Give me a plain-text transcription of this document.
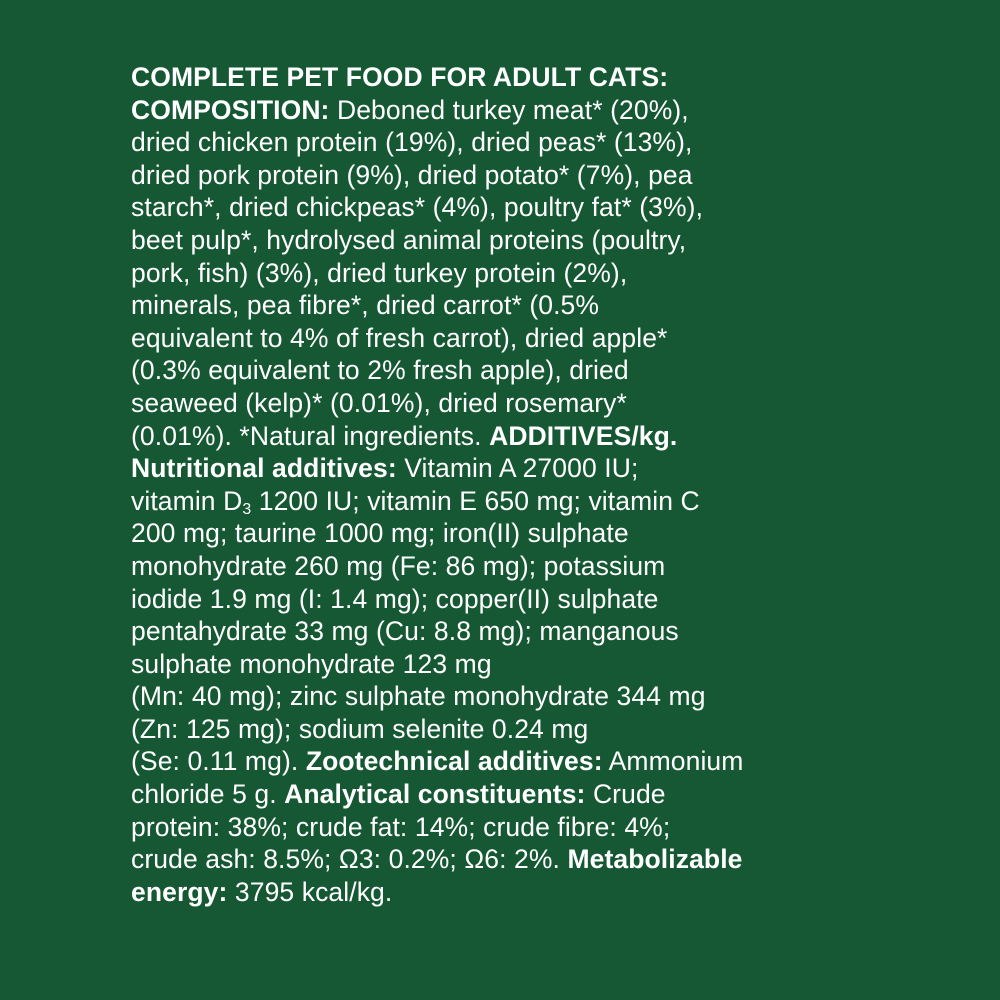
COMPLETE PET FOOD FOR ADULT CATS:
COMPOSITION: Deboned turkey meat* (20%),
dried chicken protein (19%), dried peas* (13%),
dried pork protein (9%), dried potato* (7%), pea
starch*, dried chickpeas* (4%), poultry fat* (3%),
beet pulp*, hydrolysed animal proteins (poultry,
pork, fish) (3%), dried turkey protein (2%),
minerals, pea fibre*, dried carrot* (0.5%
equivalent to 4% of fresh carrot), dried apple*
(0.3% equivalent to 2% fresh apple), dried
seaweed (kelp)* (0.01%), dried rosemary*
(0.01%). *Natural ingredients. ADDITIVES/kg.
Nutritional additives: Vitamin A 27000 IU;
vitamin $D_3$ 1200 IU; vitamin E 650 mg; vitamin C
200 mg; taurine 1000 mg; iron(II) sulphate
monohydrate 260 mg (Fe: 86 mg); potassium
iodide 1.9 mg (I: 1.4 mg); copper(II) sulphate
pentahydrate 33 mg (Cu: 8.8 mg); manganous
sulphate monohydrate 123 mg
(Mn: 40 mg); zinc sulphate monohydrate 344 mg
(Zn: 125 mg); sodium selenite 0.24 mg
(Se: 0.11 mg). Zootechnical additives: Ammonium
chloride 5 g. Analytical constituents: Crude
protein: 38%; crude fat: 14%; crude fibre: 4%;
crude ash: 8.5%; Ω3: 0.2%; Ω6: 2%. Metabolizable
energy: 3795 kcal/kg.
